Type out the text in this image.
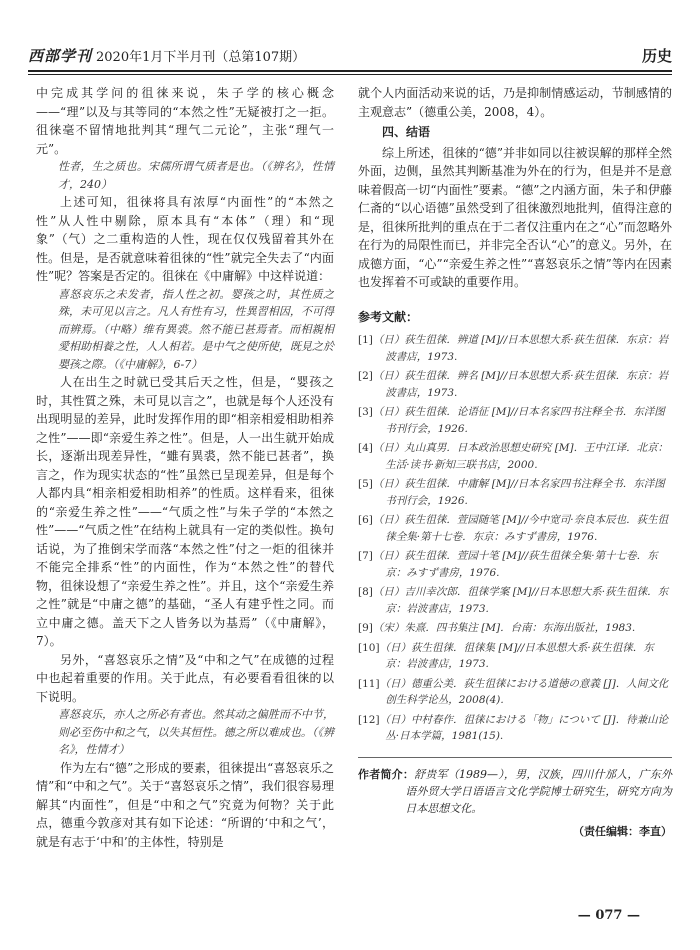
西部学刊 2020年1月下半月刊（总第107期）	历史

中完成其学问的徂徕来说，朱子学的核心概念——“理”以及与其等同的“本然之性”无疑被打之一拒。徂徕毫不留情地批判其“理气二元论”，主张“理气一元”。

性者，生之质也。宋儒所谓气质者是也。（《辨名》，性情才，240）

上述可知，徂徕将具有浓厚“内面性”的“本然之性”从人性中剔除，原本具有“本体”（理）和“现象”（气）之二重构造的人性，现在仅仅残留着其外在性。但是，是否就意味着徂徕的“性”就完全失去了“内面性”呢？答案是否定的。徂徕在《中庸解》中这样说道：

喜怒哀乐之未发者，指人性之初。婴孩之时，其性质之殊，未可见以言之。凡人有性有习，性異習相因，不可得而辨焉。（中略）维有異裘。然不能已甚焉者。而相親相愛相助相養之性，人人相若。是中气之使所使，既見之於嬰孩之際。（《中庸解》，6-7）

人在出生之时就已受其后天之性，但是，“婴孩之时，其性質之殊，未可見以言之”，也就是每个人还没有出现明显的差异，此时发挥作用的即“相亲相爱相助相养之性”——即“亲爱生养之性”。但是，人一出生就开始成长，逐渐出现差异性，“雖有異裘，然不能已甚者”，换言之，作为现实状态的“性”虽然已呈现差异，但是每个人都内具“相亲相爱相助相养”的性质。这样看来，徂徕的“亲爱生养之性”——“气质之性”与朱子学的“本然之性”——“气质之性”在结构上就具有一定的类似性。换句话说，为了推倒宋学而落“本然之性”付之一炬的徂徕并不能完全排系“性”的内面性，作为“本然之性”的替代物，徂徕设想了“亲爱生养之性”。并且，这个“亲爱生养之性”就是“中庸之德”的基础，“圣人有建乎性之同。而立中庸之德。盖天下之人皆务以为基焉”（《中庸解》，7）。

另外，“喜怒哀乐之情”及“中和之气”在成德的过程中也起着重要的作用。关于此点，有必要看看徂徕的以下说明。

喜怒哀乐，亦人之所必有者也。然其动之偏胜而不中节，则必至伤中和之气，以失其恒性。德之所以难成也。（《辨名》，性情才）

作为左右“德”之形成的要素，徂徕提出“喜怒哀乐之情”和“中和之气”。关于“喜怒哀乐之情”，我们很容易理解其“内面性”，但是“中和之气”究竟为何物？关于此点，德重今敦彦对其有如下论述：“所谓的‘中和之气’，就是有志于‘中和’的主体性，特别是

就个人内面活动来说的话，乃是抑制情感运动，节制感情的主观意志”（德重公美，2008，4）。

四、结语

综上所述，徂徕的“德”并非如同以往被误解的那样全然外面，边侧，虽然其判断基准为外在的行为，但是并不是意味着假高一切“内面性”要素。“德”之内涵方面，朱子和伊藤仁斋的“以心语德”虽然受到了徂徕激烈地批判，值得注意的是，徂徕所批判的重点在于二者仅注重内在之“心”而忽略外在行为的局限性而已，并非完全否认“心”的意义。另外，在成德方面，“心”“亲爱生养之性”“喜怒哀乐之情”等内在因素也发挥着不可或缺的重要作用。

参考文献：

[1]（日）荻生徂徕．辨道 [M]//日本思想大系·荻生徂徕．东京：岩波書店，1973.
[2]（日）荻生徂徕．辨名 [M]//日本思想大系·荻生徂徕．东京：岩波書店，1973.
[3]（日）荻生徂徕．论语征 [M]//日本名家四书注释全书．东洋图书刊行会，1926.
[4]（日）丸山真男．日本政治思想史研究 [M]．王中江译．北京：生活·读书·新知三联书店，2000.
[5]（日）荻生徂徕．中庸解 [M]//日本名家四书注释全书．东洋图书刊行会，1926.
[6]（日）荻生徂徕．萱园随笔 [M]//今中宽司·奈良本辰也．荻生徂徕全集·第十七卷．东京：みすず書房，1976.
[7]（日）荻生徂徕．萱园十笔 [M]//荻生徂徕全集·第十七卷．东京：みすず書房，1976.
[8]（日）吉川幸次郎．徂徕学案 [M]//日本思想大系·荻生徂徕．东京：岩波書店，1973.
[9]（宋）朱熹．四书集注 [M]．台南：东海出版社，1983.
[10]（日）荻生徂徕．徂徕集 [M]//日本思想大系·荻生徂徕．东京：岩波書店，1973.
[11]（日）德重公美．荻生徂徕における道徳の意義 [J]．人间文化创生科学论丛，2008(4).
[12]（日）中村春作．徂徕における「物」について [J]．待兼山论丛·日本学篇，1981(15).

作者简介：舒贵军（1989—），男，汉族，四川什邡人，广东外语外贸大学日语语言文化学院博士研究生，研究方向为日本思想文化。

（责任编辑：李直）
— 077 —
